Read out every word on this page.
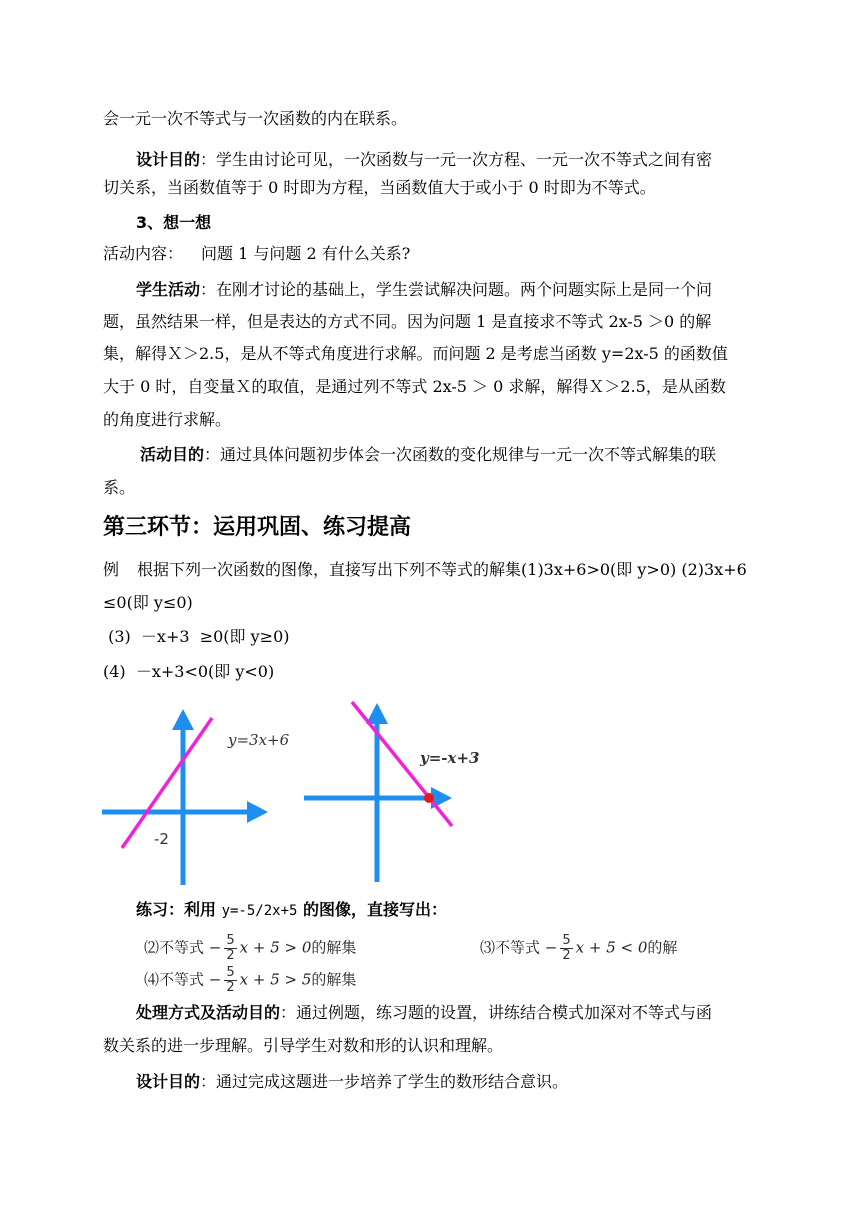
会一元一次不等式与一次函数的内在联系。
设计目的：学生由讨论可见，一次函数与一元一次方程、一元一次不等式之间有密
切关系，当函数值等于 0 时即为方程，当函数值大于或小于 0 时即为不等式。
3、想一想
活动内容： 问题 1 与问题 2 有什么关系?
学生活动：在刚才讨论的基础上，学生尝试解决问题。两个问题实际上是同一个问
题，虽然结果一样，但是表达的方式不同。因为问题 1 是直接求不等式 2x-5 ＞0 的解
集，解得Ｘ＞2.5，是从不等式角度进行求解。而问题 2 是考虑当函数 y=2x-5 的函数值
大于 0 时，自变量Ｘ的取值，是通过列不等式 2x-5 ＞ 0 求解，解得Ｘ＞2.5，是从函数
的角度进行求解。
活动目的：通过具体问题初步体会一次函数的变化规律与一元一次不等式解集的联
系。
第三环节：运用巩固、练习提高
例 根据下列一次函数的图像，直接写出下列不等式的解集(1)3x+6>0(即 y>0) (2)3x+6
≤0(即 y≤0)
(3)  －x+3  ≥0(即 y≥0)
(4)  －x+3<0(即 y<0)
y=3x+6
-2
y=-x+3
练习：利用 y=-5/2x+5 的图像，直接写出：
⑵不等式 − $\frac{5}{2}$ x + 5 > 0的解集	⑶不等式 − $\frac{5}{2}$ x + 5 < 0的解
⑷不等式 − $\frac{5}{2}$ x + 5 > 5的解集
处理方式及活动目的：通过例题，练习题的设置，讲练结合模式加深对不等式与函
数关系的进一步理解。引导学生对数和形的认识和理解。
设计目的：通过完成这题进一步培养了学生的数形结合意识。
